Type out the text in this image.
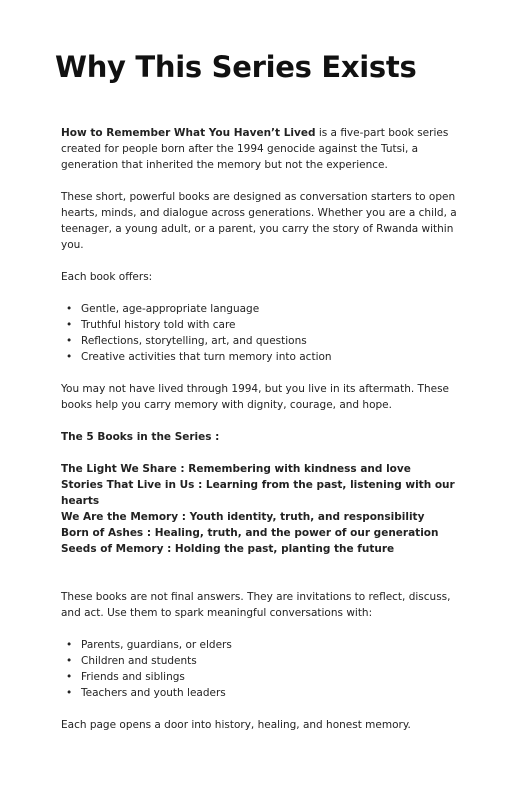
Why This Series Exists

How to Remember What You Haven’t Lived is a five-part book series created for people born after the 1994 genocide against the Tutsi, a generation that inherited the memory but not the experience.

These short, powerful books are designed as conversation starters to open hearts, minds, and dialogue across generations. Whether you are a child, a teenager, a young adult, or a parent, you carry the story of Rwanda within you.

Each book offers:

• Gentle, age-appropriate language
• Truthful history told with care
• Reflections, storytelling, art, and questions
• Creative activities that turn memory into action

You may not have lived through 1994, but you live in its aftermath. These books help you carry memory with dignity, courage, and hope.

The 5 Books in the Series :

The Light We Share : Remembering with kindness and love

Stories That Live in Us : Learning from the past, listening with our hearts

We Are the Memory : Youth identity, truth, and responsibility

Born of Ashes : Healing, truth, and the power of our generation

Seeds of Memory : Holding the past, planting the future

These books are not final answers. They are invitations to reflect, discuss, and act. Use them to spark meaningful conversations with:

• Parents, guardians, or elders
• Children and students
• Friends and siblings
• Teachers and youth leaders

Each page opens a door into history, healing, and honest memory.
